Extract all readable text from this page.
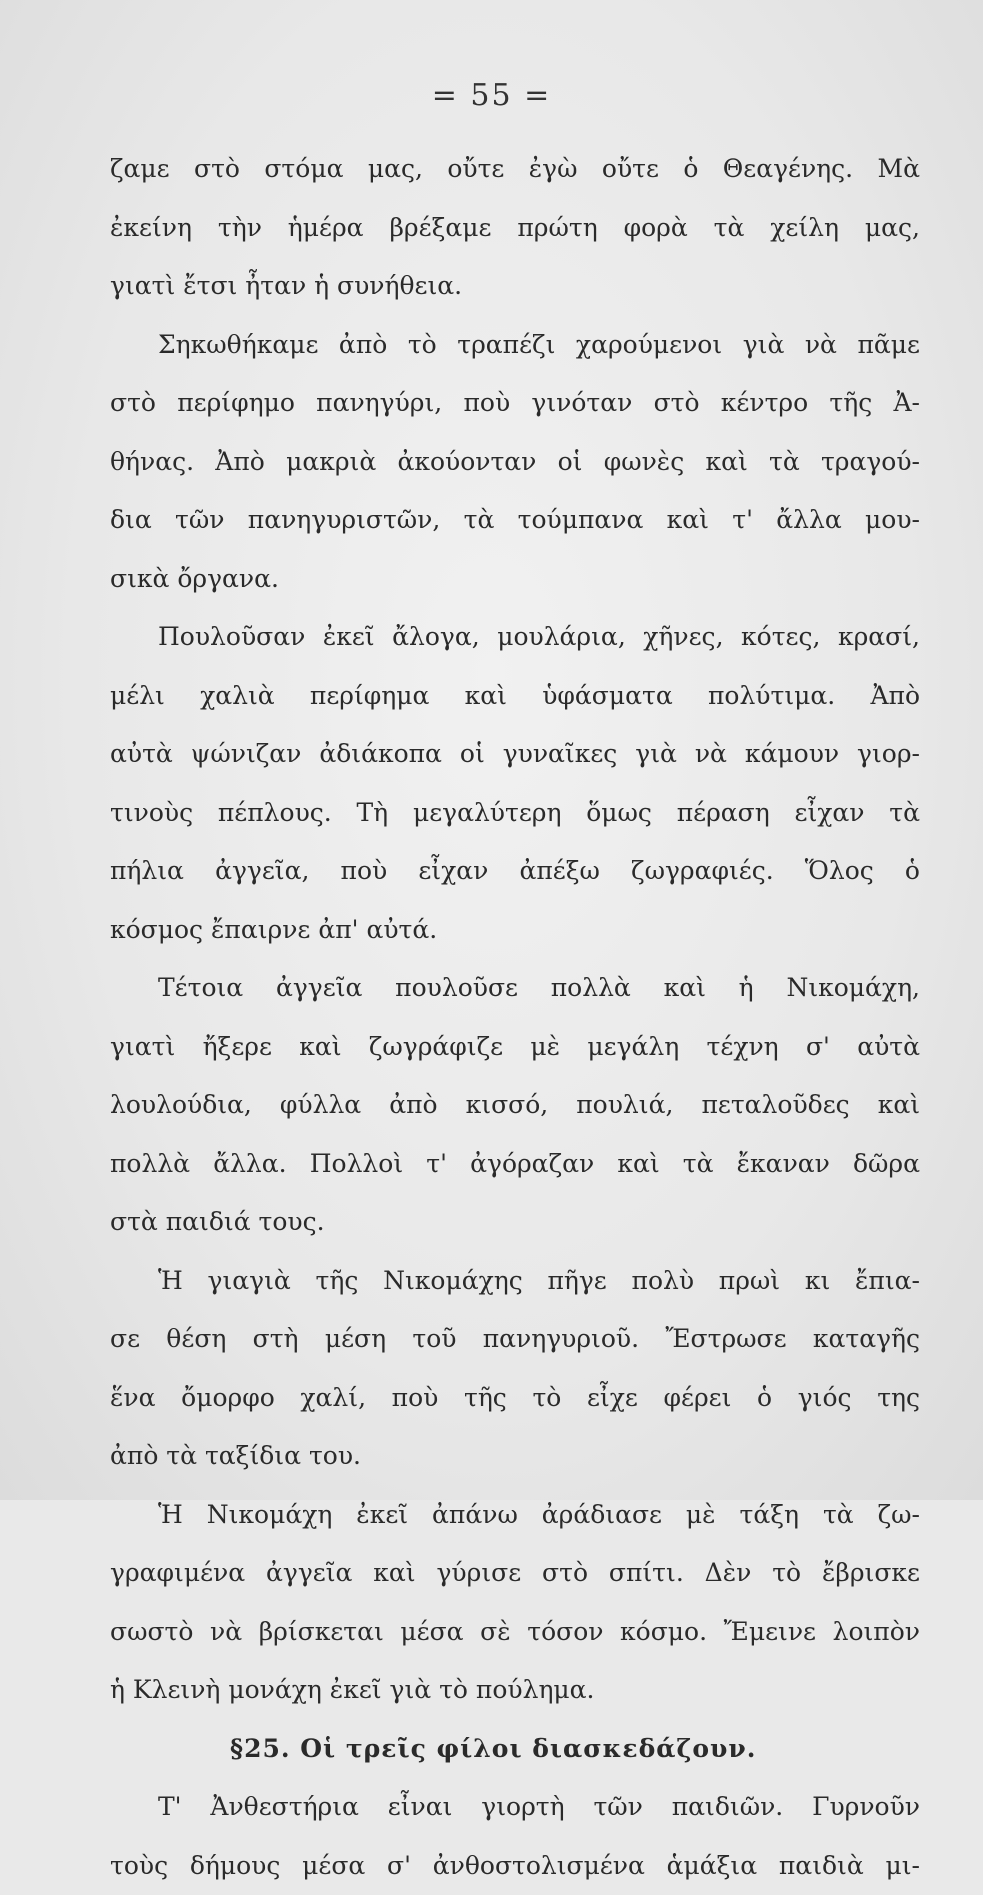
= 55 =
ζαμε στὸ στόμα μας, οὔτε ἐγὼ οὔτε ὁ Θεαγένης. Μὰ
ἐκείνη τὴν ἡμέρα βρέξαμε πρώτη φορὰ τὰ χείλη μας,
γιατὶ ἔτσι ἦταν ἡ συνήθεια.
Σηκωθήκαμε ἀπὸ τὸ τραπέζι χαρούμενοι γιὰ νὰ πᾶμε
στὸ περίφημο πανηγύρι, ποὺ γινόταν στὸ κέντρο τῆς Ἀ-
θήνας. Ἀπὸ μακριὰ ἀκούονταν οἱ φωνὲς καὶ τὰ τραγού-
δια τῶν πανηγυριστῶν, τὰ τούμπανα καὶ τ' ἄλλα μου-
σικὰ ὄργανα.
Πουλοῦσαν ἐκεῖ ἄλογα, μουλάρια, χῆνες, κότες, κρασί,
μέλι χαλιὰ περίφημα καὶ ὑφάσματα πολύτιμα. Ἀπὸ
αὐτὰ ψώνιζαν ἀδιάκοπα οἱ γυναῖκες γιὰ νὰ κάμουν γιορ-
τινοὺς πέπλους. Τὴ μεγαλύτερη ὅμως πέραση εἶχαν τὰ
πήλια ἀγγεῖα, ποὺ εἶχαν ἀπέξω ζωγραφιές. Ὅλος ὁ
κόσμος ἔπαιρνε ἀπ' αὐτά.
Τέτοια ἀγγεῖα πουλοῦσε πολλὰ καὶ ἡ Νικομάχη,
γιατὶ ἤξερε καὶ ζωγράφιζε μὲ μεγάλη τέχνη σ' αὐτὰ
λουλούδια, φύλλα ἀπὸ κισσό, πουλιά, πεταλοῦδες καὶ
πολλὰ ἄλλα. Πολλοὶ τ' ἀγόραζαν καὶ τὰ ἔκαναν δῶρα
στὰ παιδιά τους.
Ἡ γιαγιὰ τῆς Νικομάχης πῆγε πολὺ πρωὶ κι ἔπια-
σε θέση στὴ μέση τοῦ πανηγυριοῦ. Ἔστρωσε καταγῆς
ἕνα ὄμορφο χαλί, ποὺ τῆς τὸ εἶχε φέρει ὁ γιός της
ἀπὸ τὰ ταξίδια του.
Ἡ Νικομάχη ἐκεῖ ἀπάνω ἀράδιασε μὲ τάξη τὰ ζω-
γραφιμένα ἀγγεῖα καὶ γύρισε στὸ σπίτι. Δὲν τὸ ἔβρισκε
σωστὸ νὰ βρίσκεται μέσα σὲ τόσον κόσμο. Ἔμεινε λοιπὸν
ἡ Κλεινὴ μονάχη ἐκεῖ γιὰ τὸ πούλημα.
§25. Οἱ τρεῖς φίλοι διασκεδάζουν.
Τ' Ἀνθεστήρια εἶναι γιορτὴ τῶν παιδιῶν. Γυρνοῦν
τοὺς δήμους μέσα σ' ἀνθοστολισμένα ἁμάξια παιδιὰ μι-
